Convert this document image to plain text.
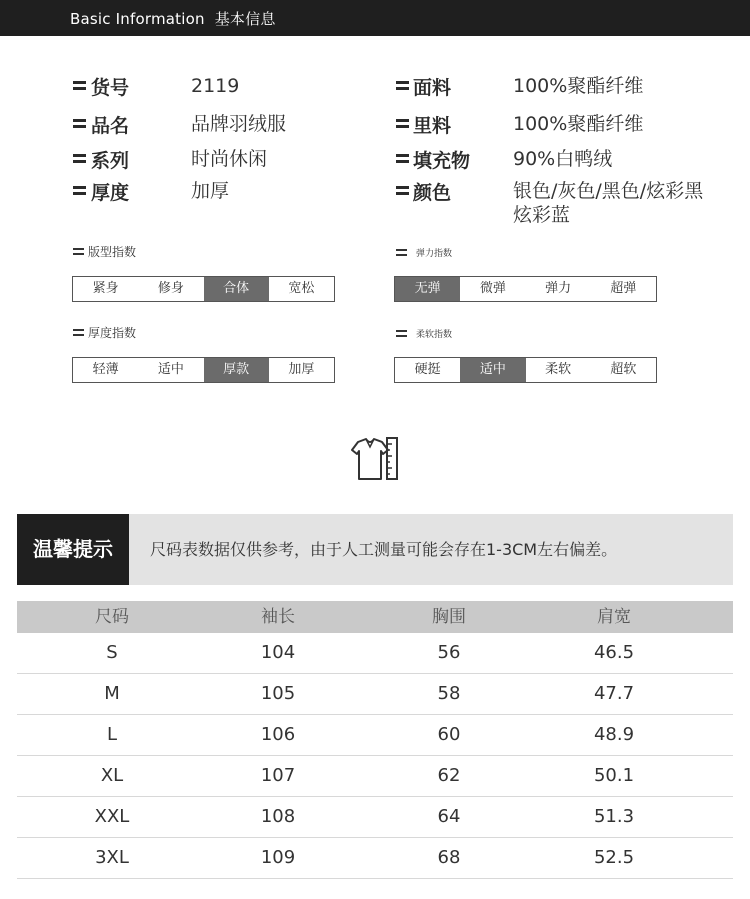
Basic Information 基本信息
货号	2119
品名	品牌羽绒服
系列	时尚休闲
厚度	加厚
面料	100%聚酯纤维
里料	100%聚酯纤维
填充物 90%白鸭绒
颜色	银色/灰色/黑色/炫彩黑
炫彩蓝
版型指数
紧身	修身	合体	宽松
弹力指数
无弹	微弹	弹力	超弹
厚度指数
轻薄	适中	厚款	加厚
柔软指数
硬挺	适中	柔软	超软
温馨提示	尺码表数据仅供参考，由于人工测量可能会存在1-3CM左右偏差。
尺码	袖长	胸围	肩宽
S	104	56	46.5
M	105	58	47.7
L	106	60	48.9
XL	107	62	50.1
XXL	108	64	51.3
3XL	109	68	52.5
